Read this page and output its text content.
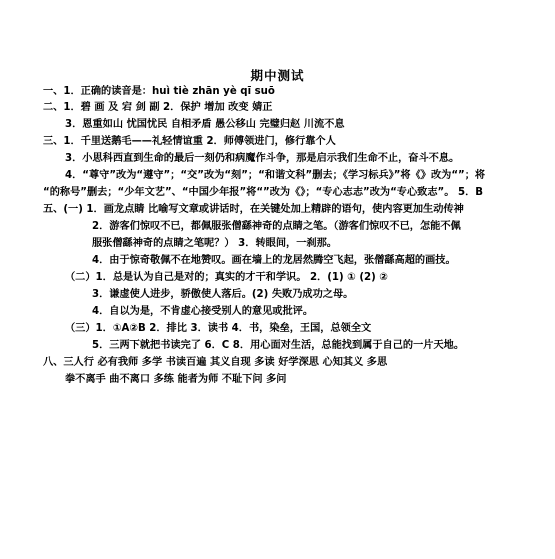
期中测试
一、1．正确的读音是：huì tiè zhān yè qī suō
二、1．碧 画 及 宕 剑 副 2．保护 增加 改变 婧正
3．恩重如山 忧国忧民 自相矛盾 愚公移山 完璧归赵 川流不息
三、1．千里送鹅毛——礼轻情谊重 2．师傅领进门，修行靠个人
3．小思科西直到生命的最后一刻仍和病魔作斗争，那是启示我们生命不止，奋斗不息。
4．“尊守”改为“遵守”；“交”改为“刻”；“和谐文科”删去；《学习标兵》”将《》改为“”；将
“的称号”删去；“少年文艺”、“中国少年报”将“”改为《》；“专心志志”改为“专心致志”。 5．B
五、(一) 1．画龙点睛 比喻写文章或讲话时，在关键处加上精辟的语句，使内容更加生动传神
2．游客们惊叹不已，都佩服张僧繇神奇的点睛之笔。（游客们惊叹不已，怎能不佩
服张僧繇神奇的点睛之笔呢？） 3．转眼间，一刹那。
4．由于惊奇敬佩不在地赞叹。画在墙上的龙居然腾空飞起，张僧繇高超的画技。
（二）1．总是认为自己是对的；真实的才干和学识。 2．(1) ① (2) ②
3．谦虚使人进步，骄傲使人落后。(2) 失败乃成功之母。
4．自以为是，不肯虚心接受别人的意见或批评。
（三）1．①A②B 2．排比 3．读书 4．书，染垒，王国，总领全文
5．三两下就把书读完了 6．C 8．用心面对生活，总能找到属于自己的一片天地。
八、三人行 必有我师 多学 书读百遍 其义自现 多读 好学深思 心知其义 多思
拳不离手 曲不离口 多练 能者为师 不耻下问 多问
